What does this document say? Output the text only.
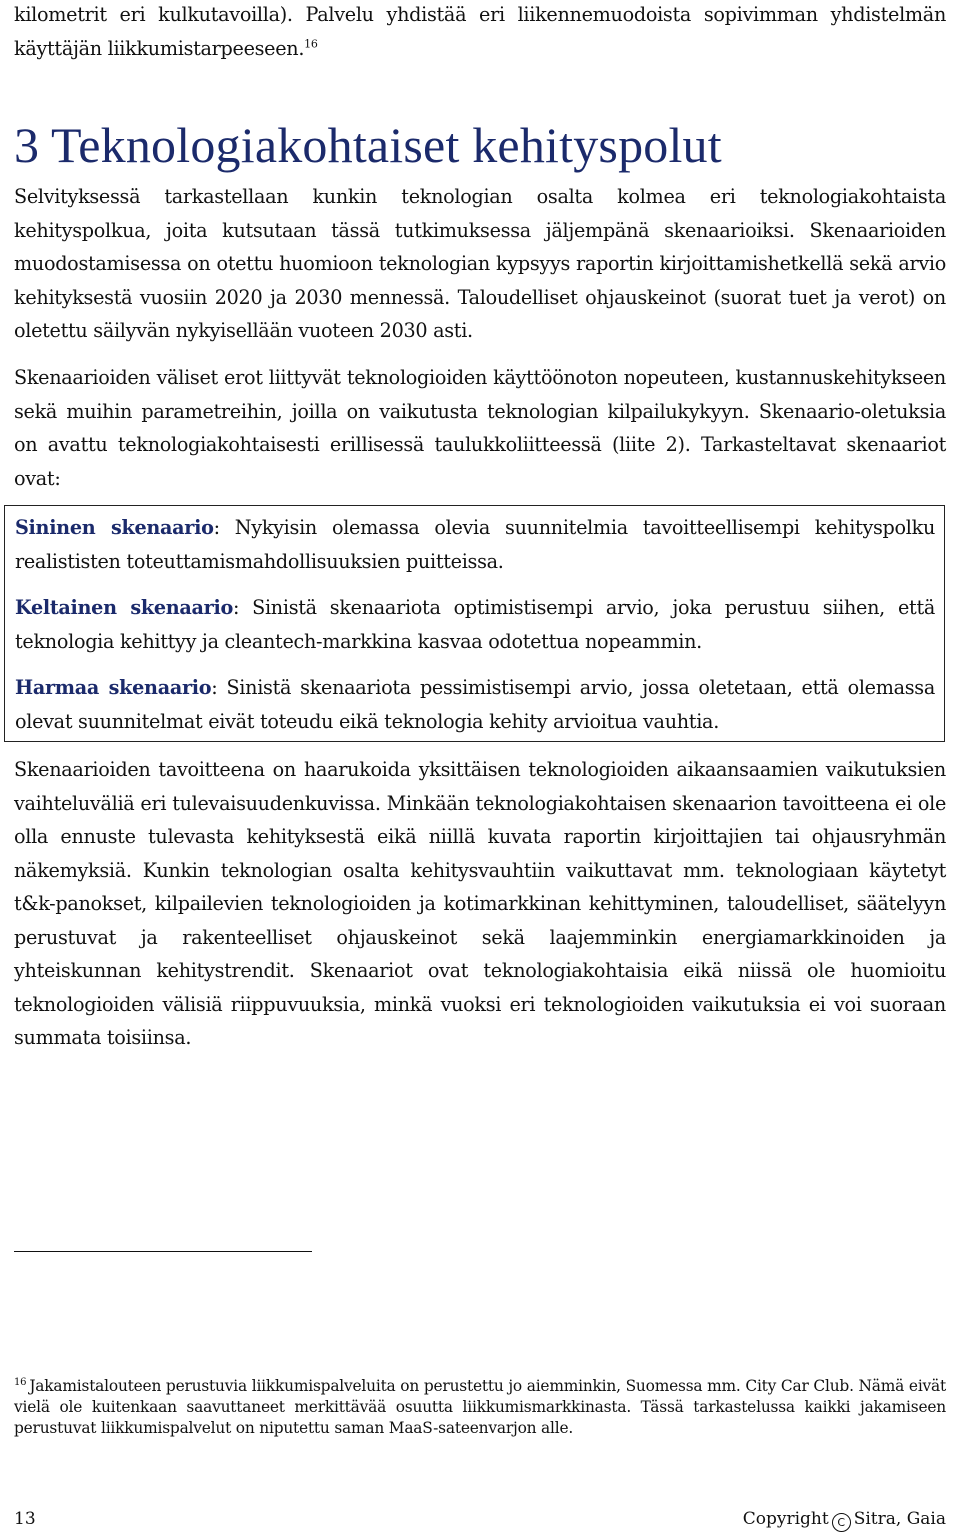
kilometrit eri kulkutavoilla). Palvelu yhdistää eri liikennemuodoista sopivimman yhdistelmän käyttäjän liikkumistarpeeseen.$^{16}$

3 Teknologiakohtaiset kehityspolut

Selvityksessä tarkastellaan kunkin teknologian osalta kolmea eri teknologiakohtaista kehityspolkua, joita kutsutaan tässä tutkimuksessa jäljempänä skenaarioiksi. Skenaarioiden muodostamisessa on otettu huomioon teknologian kypsyys raportin kirjoittamishetkellä sekä arvio kehityksestä vuosiin 2020 ja 2030 mennessä. Taloudelliset ohjauskeinot (suorat tuet ja verot) on oletettu säilyvän nykyisellään vuoteen 2030 asti.

Skenaarioiden väliset erot liittyvät teknologioiden käyttöönoton nopeuteen, kustannuskehitykseen sekä muihin parametreihin, joilla on vaikutusta teknologian kilpailukykyyn. Skenaario-oletuksia on avattu teknologiakohtaisesti erillisessä taulukkoliitteessä (liite 2). Tarkasteltavat skenaariot ovat:

Sininen skenaario: Nykyisin olemassa olevia suunnitelmia tavoitteellisempi kehityspolku realististen toteuttamismahdollisuuksien puitteissa.

Keltainen skenaario: Sinistä skenaariota optimistisempi arvio, joka perustuu siihen, että teknologia kehittyy ja cleantech-markkina kasvaa odotettua nopeammin.

Harmaa skenaario: Sinistä skenaariota pessimistisempi arvio, jossa oletetaan, että olemassa olevat suunnitelmat eivät toteudu eikä teknologia kehity arvioitua vauhtia.

Skenaarioiden tavoitteena on haarukoida yksittäisen teknologioiden aikaansaamien vaikutuksien vaihteluväliä eri tulevaisuudenkuvissa. Minkään teknologiakohtaisen skenaarion tavoitteena ei ole olla ennuste tulevasta kehityksestä eikä niillä kuvata raportin kirjoittajien tai ohjausryhmän näkemyksiä. Kunkin teknologian osalta kehitysvauhtiin vaikuttavat mm. teknologiaan käytetyt t&k-panokset, kilpailevien teknologioiden ja kotimarkkinan kehittyminen, taloudelliset, säätelyyn perustuvat ja rakenteelliset ohjauskeinot sekä laajemminkin energiamarkkinoiden ja yhteiskunnan kehitystrendit. Skenaariot ovat teknologiakohtaisia eikä niissä ole huomioitu teknologioiden välisiä riippuvuuksia, minkä vuoksi eri teknologioiden vaikutuksia ei voi suoraan summata toisiinsa.

$^{16}$ Jakamistalouteen perustuvia liikkumispalveluita on perustettu jo aiemminkin, Suomessa mm. City Car Club. Nämä eivät vielä ole kuitenkaan saavuttaneet merkittävää osuutta liikkumismarkkinasta. Tässä tarkastelussa kaikki jakamiseen perustuvat liikkumispalvelut on niputettu saman MaaS-sateenvarjon alle.

13	Copyright C Sitra, Gaia
